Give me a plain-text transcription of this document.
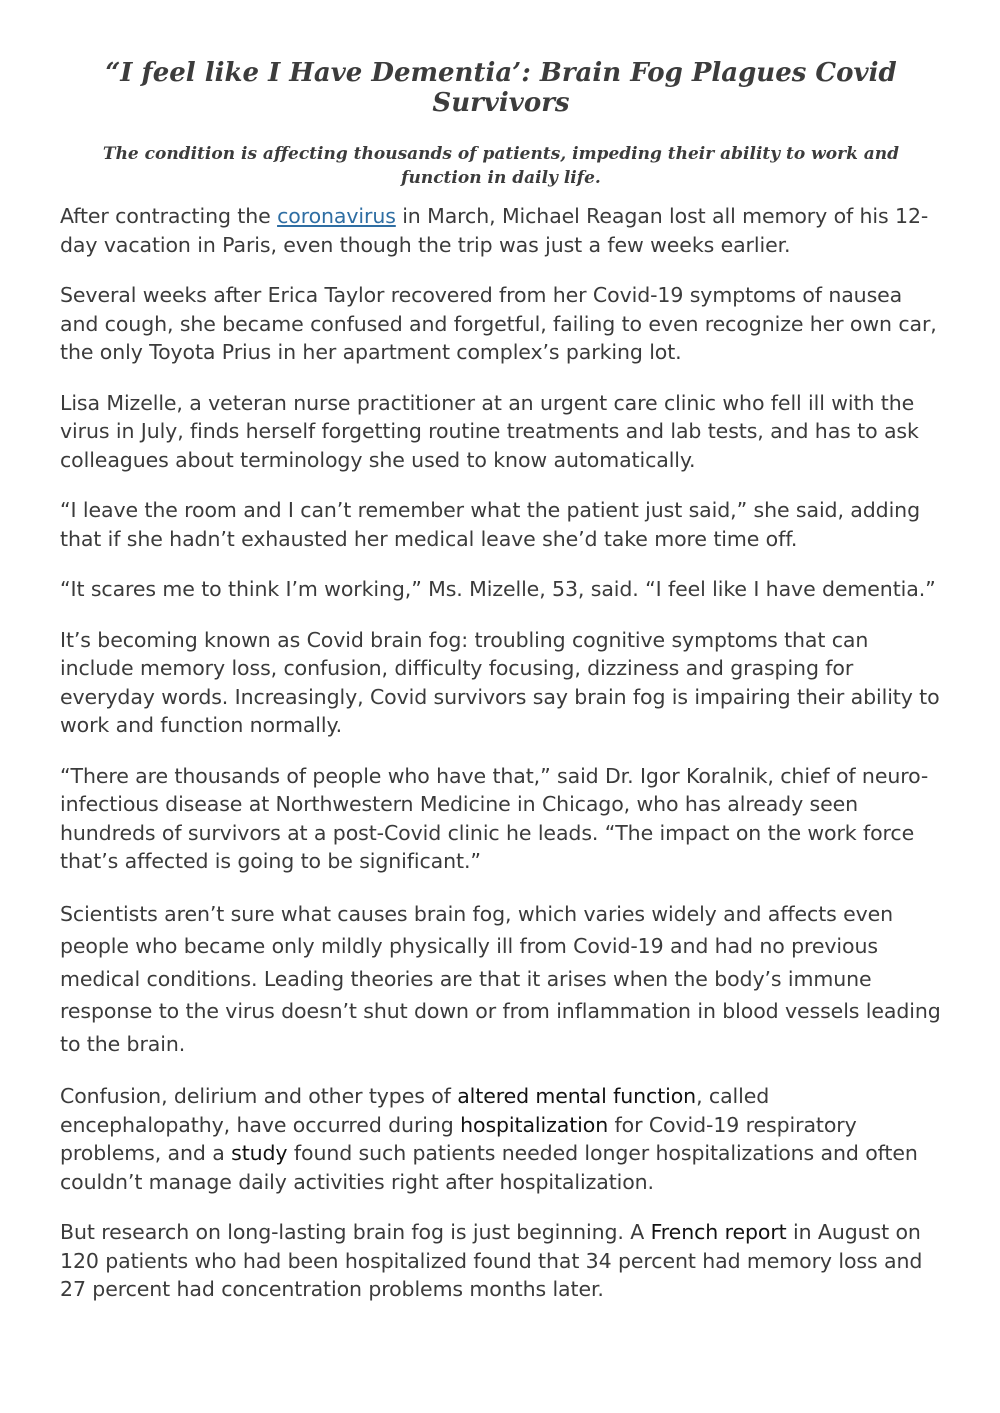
“I feel like I Have Dementia’: Brain Fog Plagues Covid Survivors

The condition is affecting thousands of patients, impeding their ability to work and function in daily life.

After contracting the coronavirus in March, Michael Reagan lost all memory of his 12-day vacation in Paris, even though the trip was just a few weeks earlier.

Several weeks after Erica Taylor recovered from her Covid-19 symptoms of nausea and cough, she became confused and forgetful, failing to even recognize her own car, the only Toyota Prius in her apartment complex’s parking lot.

Lisa Mizelle, a veteran nurse practitioner at an urgent care clinic who fell ill with the virus in July, finds herself forgetting routine treatments and lab tests, and has to ask colleagues about terminology she used to know automatically.

“I leave the room and I can’t remember what the patient just said,” she said, adding that if she hadn’t exhausted her medical leave she’d take more time off.

“It scares me to think I’m working,” Ms. Mizelle, 53, said. “I feel like I have dementia.”

It’s becoming known as Covid brain fog: troubling cognitive symptoms that can include memory loss, confusion, difficulty focusing, dizziness and grasping for everyday words. Increasingly, Covid survivors say brain fog is impairing their ability to work and function normally.

“There are thousands of people who have that,” said Dr. Igor Koralnik, chief of neuro-infectious disease at Northwestern Medicine in Chicago, who has already seen hundreds of survivors at a post-Covid clinic he leads. “The impact on the work force that’s affected is going to be significant.”

Scientists aren’t sure what causes brain fog, which varies widely and affects even people who became only mildly physically ill from Covid-19 and had no previous medical conditions. Leading theories are that it arises when the body’s immune response to the virus doesn’t shut down or from inflammation in blood vessels leading to the brain.

Confusion, delirium and other types of altered mental function, called encephalopathy, have occurred during hospitalization for Covid-19 respiratory problems, and a study found such patients needed longer hospitalizations and often couldn’t manage daily activities right after hospitalization.

But research on long-lasting brain fog is just beginning. A French report in August on 120 patients who had been hospitalized found that 34 percent had memory loss and 27 percent had concentration problems months later.
